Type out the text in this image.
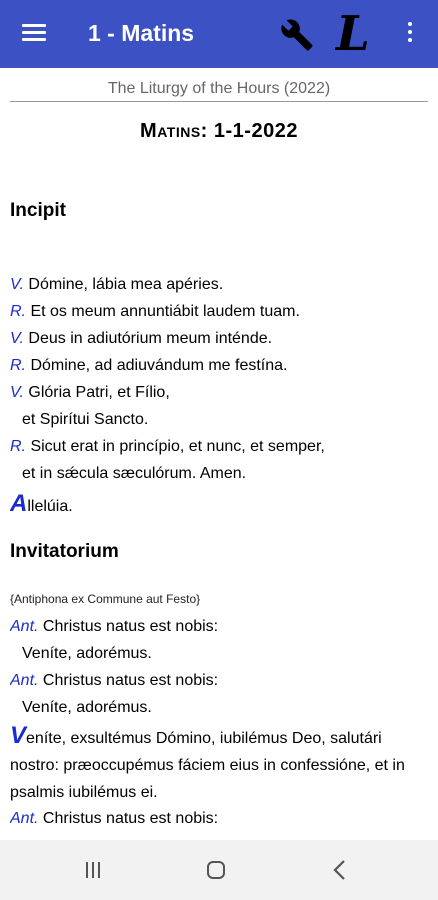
1 - Matins	L
The Liturgy of the Hours (2022)
Matins: 1-1-2022
Incipit
V. Dómine, lábia mea apéries.
R. Et os meum annuntiábit laudem tuam.
V. Deus in adiutórium meum inténde.
R. Dómine, ad adiuvándum me festína.
V. Glória Patri, et Fílio,
et Spirítui Sancto.
R. Sicut erat in princípio, et nunc, et semper,
et in sǽcula sæculórum. Amen.
Allelúia.
Invitatorium
{Antiphona ex Commune aut Festo}
Ant. Christus natus est nobis:
Veníte, adorémus.
Ant. Christus natus est nobis:
Veníte, adorémus.
Veníte, exsultémus Dómino, iubilémus Deo, salutári nostro: præoccupémus fáciem eius in confessióne, et in psalmis iubilémus ei.
Ant. Christus natus est nobis:
